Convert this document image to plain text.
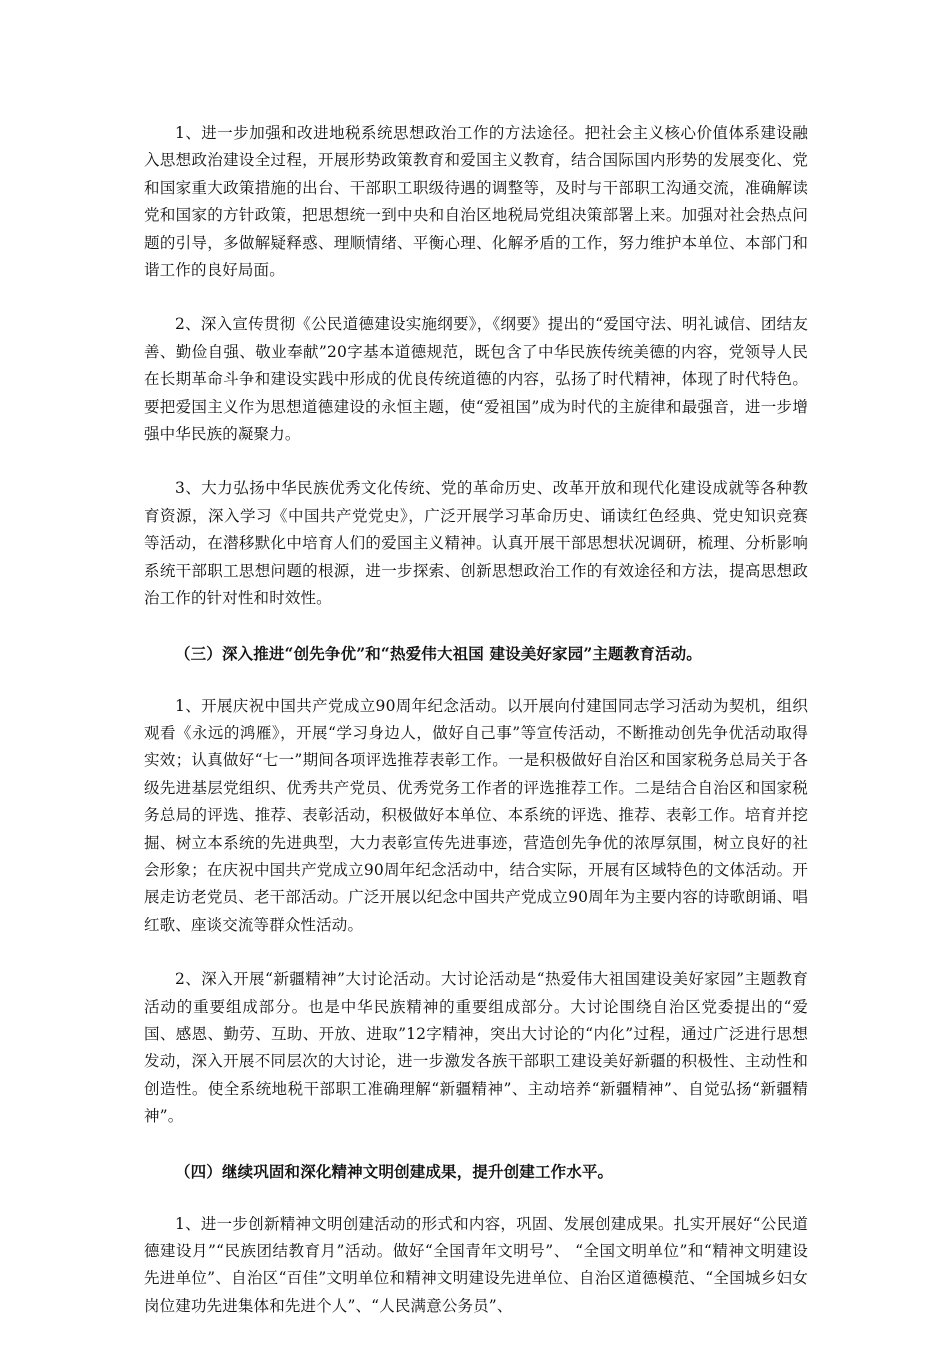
1、进一步加强和改进地税系统思想政治工作的方法途径。把社会主义核心价值体系建设融入思想政治建设全过程，开展形势政策教育和爱国主义教育，结合国际国内形势的发展变化、党和国家重大政策措施的出台、干部职工职级待遇的调整等，及时与干部职工沟通交流，准确解读党和国家的方针政策，把思想统一到中央和自治区地税局党组决策部署上来。加强对社会热点问题的引导，多做解疑释惑、理顺情绪、平衡心理、化解矛盾的工作，努力维护本单位、本部门和谐工作的良好局面。

2、深入宣传贯彻《公民道德建设实施纲要》，《纲要》提出的“爱国守法、明礼诚信、团结友善、勤俭自强、敬业奉献”20字基本道德规范，既包含了中华民族传统美德的内容，党领导人民在长期革命斗争和建设实践中形成的优良传统道德的内容，弘扬了时代精神，体现了时代特色。要把爱国主义作为思想道德建设的永恒主题，使“爱祖国”成为时代的主旋律和最强音，进一步增强中华民族的凝聚力。

3、大力弘扬中华民族优秀文化传统、党的革命历史、改革开放和现代化建设成就等各种教育资源，深入学习《中国共产党党史》，广泛开展学习革命历史、诵读红色经典、党史知识竞赛等活动，在潜移默化中培育人们的爱国主义精神。认真开展干部思想状况调研，梳理、分析影响系统干部职工思想问题的根源，进一步探索、创新思想政治工作的有效途径和方法，提高思想政治工作的针对性和时效性。

（三）深入推进“创先争优”和“热爱伟大祖国 建设美好家园”主题教育活动。

1、开展庆祝中国共产党成立90周年纪念活动。以开展向付建国同志学习活动为契机，组织观看《永远的鸿雁》，开展“学习身边人，做好自己事”等宣传活动，不断推动创先争优活动取得实效；认真做好“七一”期间各项评选推荐表彰工作。一是积极做好自治区和国家税务总局关于各级先进基层党组织、优秀共产党员、优秀党务工作者的评选推荐工作。二是结合自治区和国家税务总局的评选、推荐、表彰活动，积极做好本单位、本系统的评选、推荐、表彰工作。培育并挖掘、树立本系统的先进典型，大力表彰宣传先进事迹，营造创先争优的浓厚氛围，树立良好的社会形象；在庆祝中国共产党成立90周年纪念活动中，结合实际，开展有区域特色的文体活动。开展走访老党员、老干部活动。广泛开展以纪念中国共产党成立90周年为主要内容的诗歌朗诵、唱红歌、座谈交流等群众性活动。

2、深入开展“新疆精神”大讨论活动。大讨论活动是“热爱伟大祖国建设美好家园”主题教育活动的重要组成部分。也是中华民族精神的重要组成部分。大讨论围绕自治区党委提出的“爱国、感恩、勤劳、互助、开放、进取”12字精神，突出大讨论的“内化”过程，通过广泛进行思想发动，深入开展不同层次的大讨论，进一步激发各族干部职工建设美好新疆的积极性、主动性和创造性。使全系统地税干部职工准确理解“新疆精神”、主动培养“新疆精神”、自觉弘扬“新疆精神”。

（四）继续巩固和深化精神文明创建成果，提升创建工作水平。

1、进一步创新精神文明创建活动的形式和内容，巩固、发展创建成果。扎实开展好“公民道德建设月”“民族团结教育月”活动。做好“全国青年文明号”、 “全国文明单位”和“精神文明建设先进单位”、自治区“百佳”文明单位和精神文明建设先进单位、自治区道德模范、“全国城乡妇女岗位建功先进集体和先进个人”、“人民满意公务员”、
